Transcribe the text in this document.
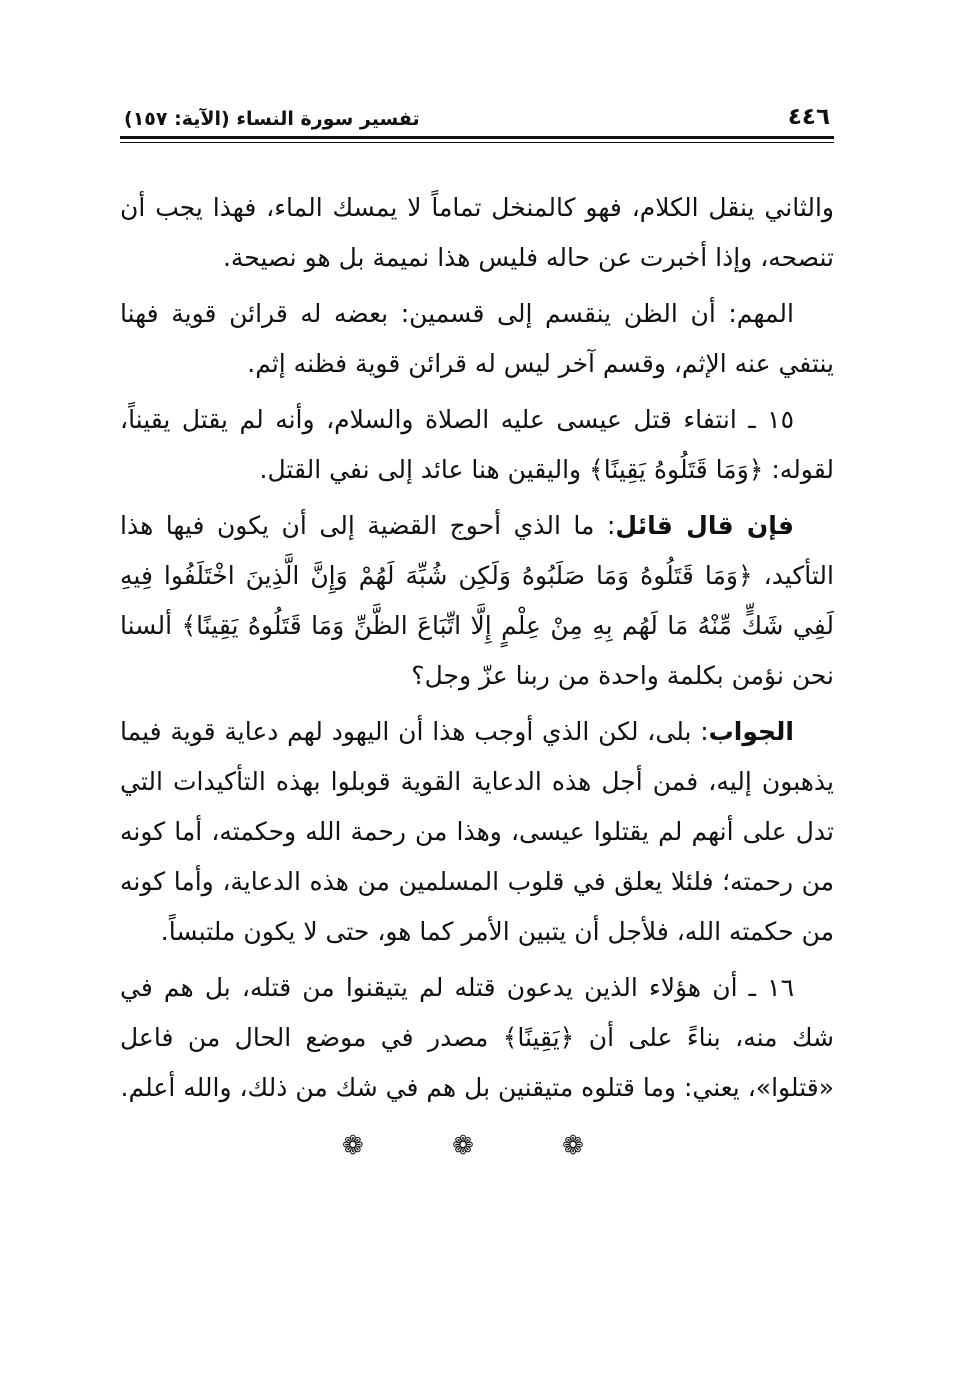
٤٤٦
تفسير سورة النساء (الآية: ١٥٧)

والثاني ينقل الكلام، فهو كالمنخل تماماً لا يمسك الماء، فهذا يجب أن تنصحه، وإذا أخبرت عن حاله فليس هذا نميمة بل هو نصيحة.

المهم: أن الظن ينقسم إلى قسمين: بعضه له قرائن قوية فهنا ينتفي عنه الإثم، وقسم آخر ليس له قرائن قوية فظنه إثم.

١٥ ـ انتفاء قتل عيسى عليه الصلاة والسلام، وأنه لم يقتل يقيناً، لقوله: ﴿وَمَا قَتَلُوهُ يَقِينًا﴾ واليقين هنا عائد إلى نفي القتل.

فإن قال قائل: ما الذي أحوج القضية إلى أن يكون فيها هذا التأكيد، ﴿وَمَا قَتَلُوهُ وَمَا صَلَبُوهُ وَلَكِن شُبِّهَ لَهُمْ وَإِنَّ الَّذِينَ اخْتَلَفُوا فِيهِ لَفِي شَكٍّ مِّنْهُ مَا لَهُم بِهِ مِنْ عِلْمٍ إِلَّا اتِّبَاعَ الظَّنِّ وَمَا قَتَلُوهُ يَقِينًا﴾ ألسنا نحن نؤمن بكلمة واحدة من ربنا عزّ وجل؟

الجواب: بلى، لكن الذي أوجب هذا أن اليهود لهم دعاية قوية فيما يذهبون إليه، فمن أجل هذه الدعاية القوية قوبلوا بهذه التأكيدات التي تدل على أنهم لم يقتلوا عيسى، وهذا من رحمة الله وحكمته، أما كونه من رحمته؛ فلئلا يعلق في قلوب المسلمين من هذه الدعاية، وأما كونه من حكمته الله، فلأجل أن يتبين الأمر كما هو، حتى لا يكون ملتبساً.

١٦ ـ أن هؤلاء الذين يدعون قتله لم يتيقنوا من قتله، بل هم في شك منه، بناءً على أن ﴿يَقِينًا﴾ مصدر في موضع الحال من فاعل «قتلوا»، يعني: وما قتلوه متيقنين بل هم في شك من ذلك، والله أعلم.

❁ ❁ ❁
